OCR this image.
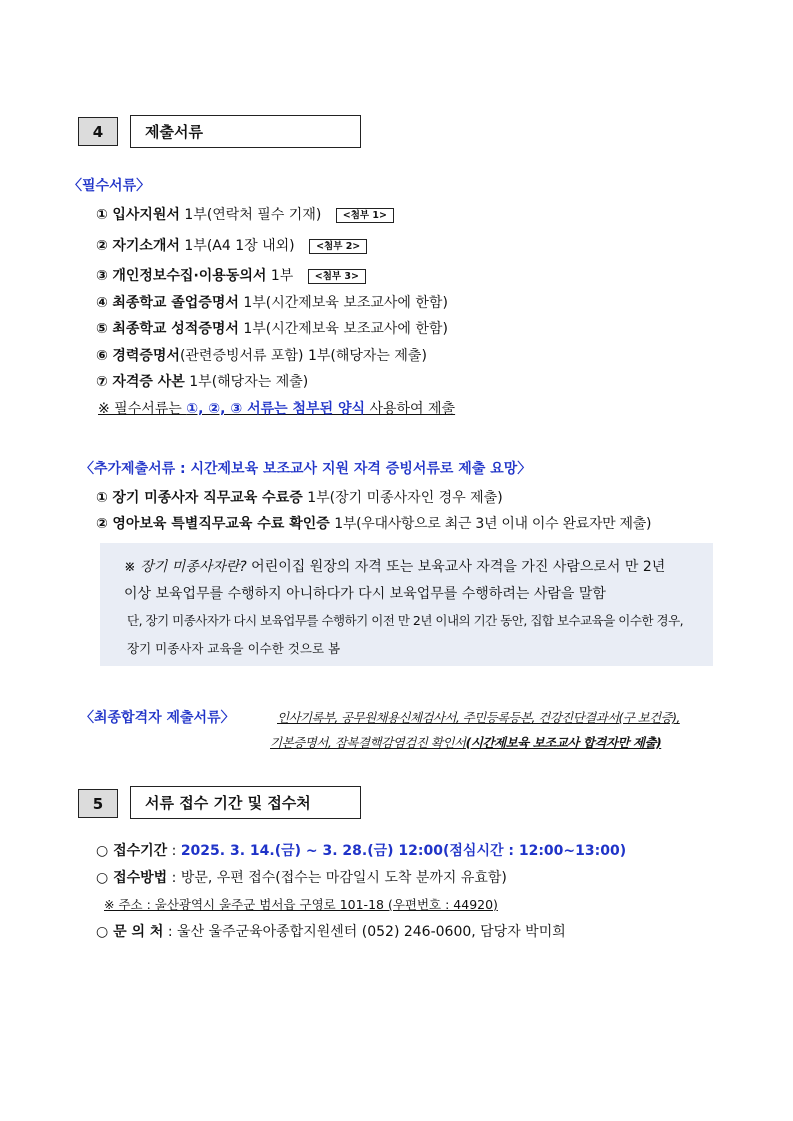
4	제출서류
〈필수서류〉
① 입사지원서 1부(연락처 필수 기재) <첨부 1>
② 자기소개서 1부(A4 1장 내외) <첨부 2>
③ 개인정보수집·이용동의서 1부 <첨부 3>
④ 최종학교 졸업증명서 1부(시간제보육 보조교사에 한함)
⑤ 최종학교 성적증명서 1부(시간제보육 보조교사에 한함)
⑥ 경력증명서(관련증빙서류 포함) 1부(해당자는 제출)
⑦ 자격증 사본 1부(해당자는 제출)
※ 필수서류는 ①, ②, ③ 서류는 첨부된 양식 사용하여 제출
〈추가제출서류 : 시간제보육 보조교사 지원 자격 증빙서류로 제출 요망〉
① 장기 미종사자 직무교육 수료증 1부(장기 미종사자인 경우 제출)
② 영아보육 특별직무교육 수료 확인증 1부(우대사항으로 최근 3년 이내 이수 완료자만 제출)
※ 장기 미종사자란? 어린이집 원장의 자격 또는 보육교사 자격을 가진 사람으로서 만 2년
이상 보육업무를 수행하지 아니하다가 다시 보육업무를 수행하려는 사람을 말함
단, 장기 미종사자가 다시 보육업무를 수행하기 이전 만 2년 이내의 기간 동안, 집합 보수교육을 이수한 경우,
장기 미종사자 교육을 이수한 것으로 봄
〈최종합격자 제출서류〉	인사기록부, 공무원채용신체검사서, 주민등록등본, 건강진단결과서(구 보건증),
기본증명서, 잠복결핵감염검진 확인서(시간제보육 보조교사 합격자만 제출)
5	서류 접수 기간 및 접수처
○ 접수기간 : 2025. 3. 14.(금) ~ 3. 28.(금) 12:00(점심시간 : 12:00~13:00)
○ 접수방법 : 방문, 우편 접수(접수는 마감일시 도착 분까지 유효함)
※ 주소 : 울산광역시 울주군 범서읍 구영로 101-18 (우편번호 : 44920)
○ 문 의 처 : 울산 울주군육아종합지원센터 (052) 246-0600, 담당자 박미희
